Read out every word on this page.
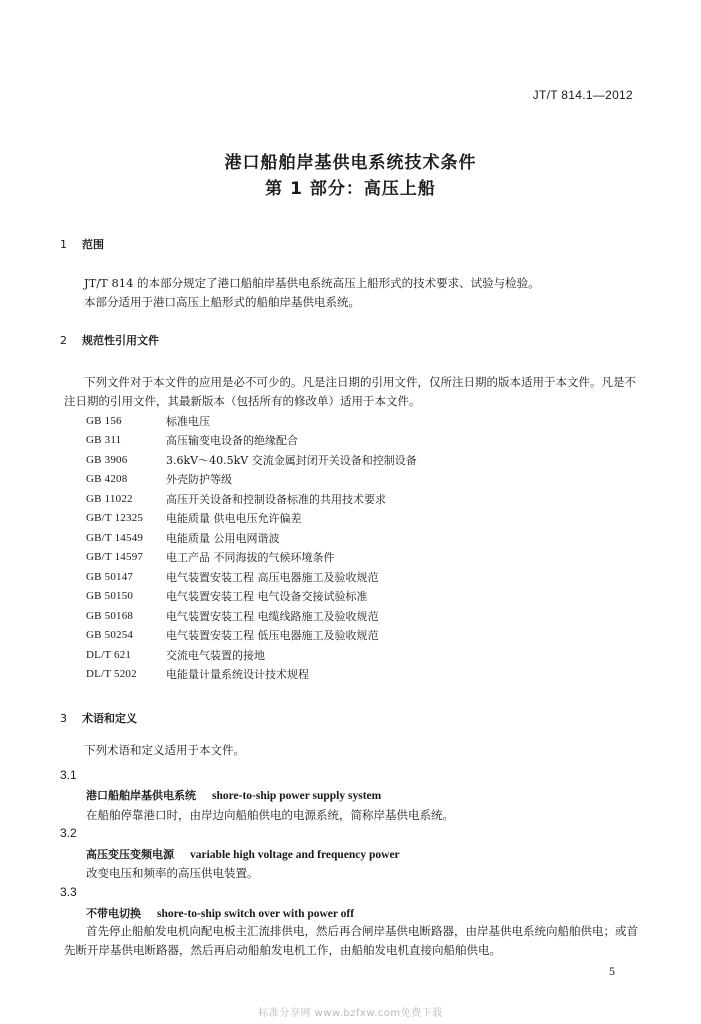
JT/T 814.1—2012
港口船舶岸基供电系统技术条件
第 1 部分：高压上船
1 范围
JT/T 814 的本部分规定了港口船舶岸基供电系统高压上船形式的技术要求、试验与检验。
本部分适用于港口高压上船形式的船舶岸基供电系统。
2 规范性引用文件
下列文件对于本文件的应用是必不可少的。凡是注日期的引用文件，仅所注日期的版本适用于本文件。凡是不注日期的引用文件，其最新版本（包括所有的修改单）适用于本文件。
GB 156	标准电压
GB 311	高压输变电设备的绝缘配合
GB 3906	3.6kV～40.5kV 交流金属封闭开关设备和控制设备
GB 4208	外壳防护等级
GB 11022	高压开关设备和控制设备标准的共用技术要求
GB/T 12325	电能质量 供电电压允许偏差
GB/T 14549	电能质量 公用电网谐波
GB/T 14597	电工产品 不同海拔的气候环境条件
GB 50147	电气装置安装工程 高压电器施工及验收规范
GB 50150	电气装置安装工程 电气设备交接试验标准
GB 50168	电气装置安装工程 电缆线路施工及验收规范
GB 50254	电气装置安装工程 低压电器施工及验收规范
DL/T 621	交流电气装置的接地
DL/T 5202	电能量计量系统设计技术规程
3 术语和定义
下列术语和定义适用于本文件。
3.1
港口船舶岸基供电系统 shore-to-ship power supply system
在船舶停靠港口时，由岸边向船舶供电的电源系统，简称岸基供电系统。
3.2
高压变压变频电源 variable high voltage and frequency power
改变电压和频率的高压供电装置。
3.3
不带电切换 shore-to-ship switch over with power off
首先停止船舶发电机向配电板主汇流排供电，然后再合闸岸基供电断路器，由岸基供电系统向船舶供电；或首先断开岸基供电断路器，然后再启动船舶发电机工作，由船舶发电机直接向船舶供电。
5
标准分享网 www.bzfxw.com免费下载
